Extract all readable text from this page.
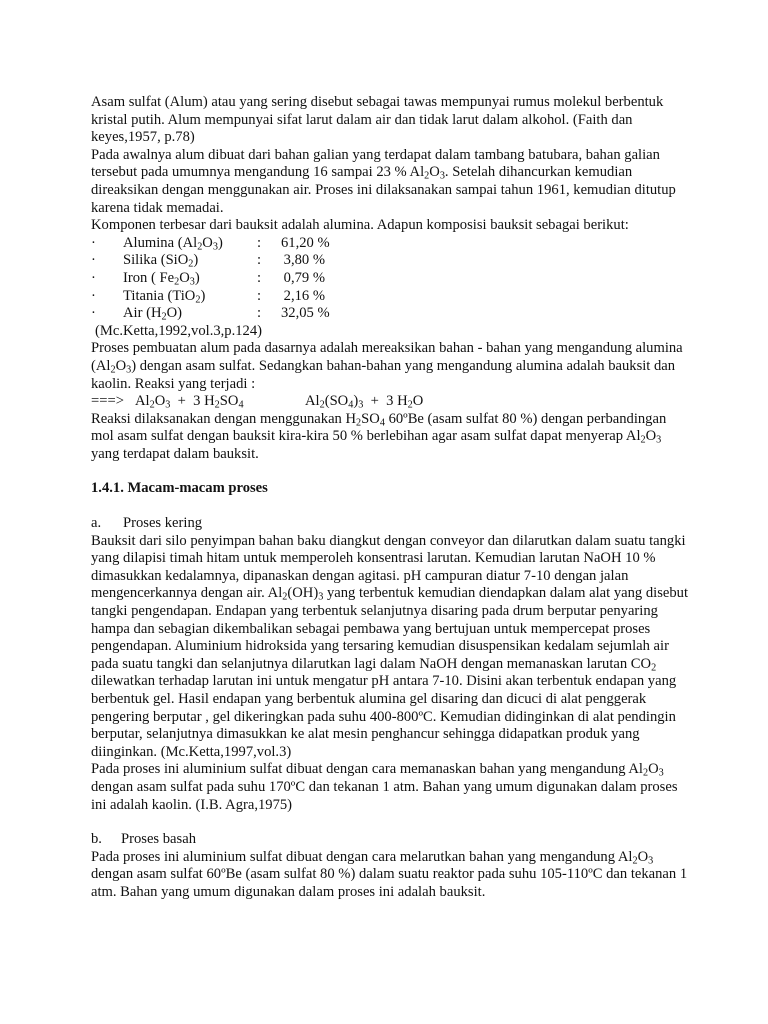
Asam sulfat (Alum) atau yang sering disebut sebagai tawas mempunyai rumus molekul berbentuk kristal putih. Alum mempunyai sifat larut dalam air dan tidak larut dalam alkohol. (Faith dan keyes,1957, p.78)

Pada awalnya alum dibuat dari bahan galian yang terdapat dalam tambang batubara, bahan galian tersebut pada umumnya mengandung 16 sampai 23 % $Al_2O_3$. Setelah dihancurkan kemudian direaksikan dengan menggunakan air. Proses ini dilaksanakan sampai tahun 1961, kemudian ditutup karena tidak memadai.

Komponen terbesar dari bauksit adalah alumina. Adapun komposisi bauksit sebagai berikut:

·	Alumina $(Al_2O_3)$	:	61,20 %
·	Silika (SiO$_2$)	:	3,80 %
·	Iron ( $Fe_2O_3$)	:	0,79 %
·	Titania (TiO$_2$)	:	2,16 %
·	Air $(H_2O)$	:	32,05 %

(Mc.Ketta,1992,vol.3,p.124)

Proses pembuatan alum pada dasarnya adalah mereaksikan bahan - bahan yang mengandung alumina $(Al_2O_3)$ dengan asam sulfat. Sedangkan bahan-bahan yang mengandung alumina adalah bauksit dan kaolin. Reaksi yang terjadi :

===> $Al_2O_3 + 3$ $H_2SO_4$	$Al_2(SO_4)_3 + 3$ $H_2O$

Reaksi dilaksanakan dengan menggunakan $H_2SO_4$ 60ºBe (asam sulfat 80 %) dengan perbandingan mol asam sulfat dengan bauksit kira-kira 50 % berlebihan agar asam sulfat dapat menyerap $Al_2O_3$ yang terdapat dalam bauksit.

1.4.1. Macam-macam proses

a.	Proses kering

Bauksit dari silo penyimpan bahan baku diangkut dengan conveyor dan dilarutkan dalam suatu tangki yang dilapisi timah hitam untuk memperoleh konsentrasi larutan. Kemudian larutan NaOH 10 % dimasukkan kedalamnya, dipanaskan dengan agitasi. pH campuran diatur 7-10 dengan jalan mengencerkannya dengan air. $Al_2(OH)_3$ yang terbentuk kemudian diendapkan dalam alat yang disebut tangki pengendapan. Endapan yang terbentuk selanjutnya disaring pada drum berputar penyaring hampa dan sebagian dikembalikan sebagai pembawa yang bertujuan untuk mempercepat proses pengendapan. Aluminium hidroksida yang tersaring kemudian disuspensikan kedalam sejumlah air pada suatu tangki dan selanjutnya dilarutkan lagi dalam NaOH dengan memanaskan larutan $CO_2$ dilewatkan terhadap larutan ini untuk mengatur pH antara 7-10. Disini akan terbentuk endapan yang berbentuk gel. Hasil endapan yang berbentuk alumina gel disaring dan dicuci di alat penggerak pengering berputar , gel dikeringkan pada suhu 400-800ºC. Kemudian didinginkan di alat pendingin berputar, selanjutnya dimasukkan ke alat mesin penghancur sehingga didapatkan produk yang diinginkan. (Mc.Ketta,1997,vol.3)

Pada proses ini aluminium sulfat dibuat dengan cara memanaskan bahan yang mengandung $Al_2O_3$ dengan asam sulfat pada suhu 170ºC dan tekanan 1 atm. Bahan yang umum digunakan dalam proses ini adalah kaolin. (I.B. Agra,1975)

b.	Proses basah

Pada proses ini aluminium sulfat dibuat dengan cara melarutkan bahan yang mengandung $Al_2O_3$ dengan asam sulfat 60ºBe (asam sulfat 80 %) dalam suatu reaktor pada suhu 105-110ºC dan tekanan 1 atm. Bahan yang umum digunakan dalam proses ini adalah bauksit.
